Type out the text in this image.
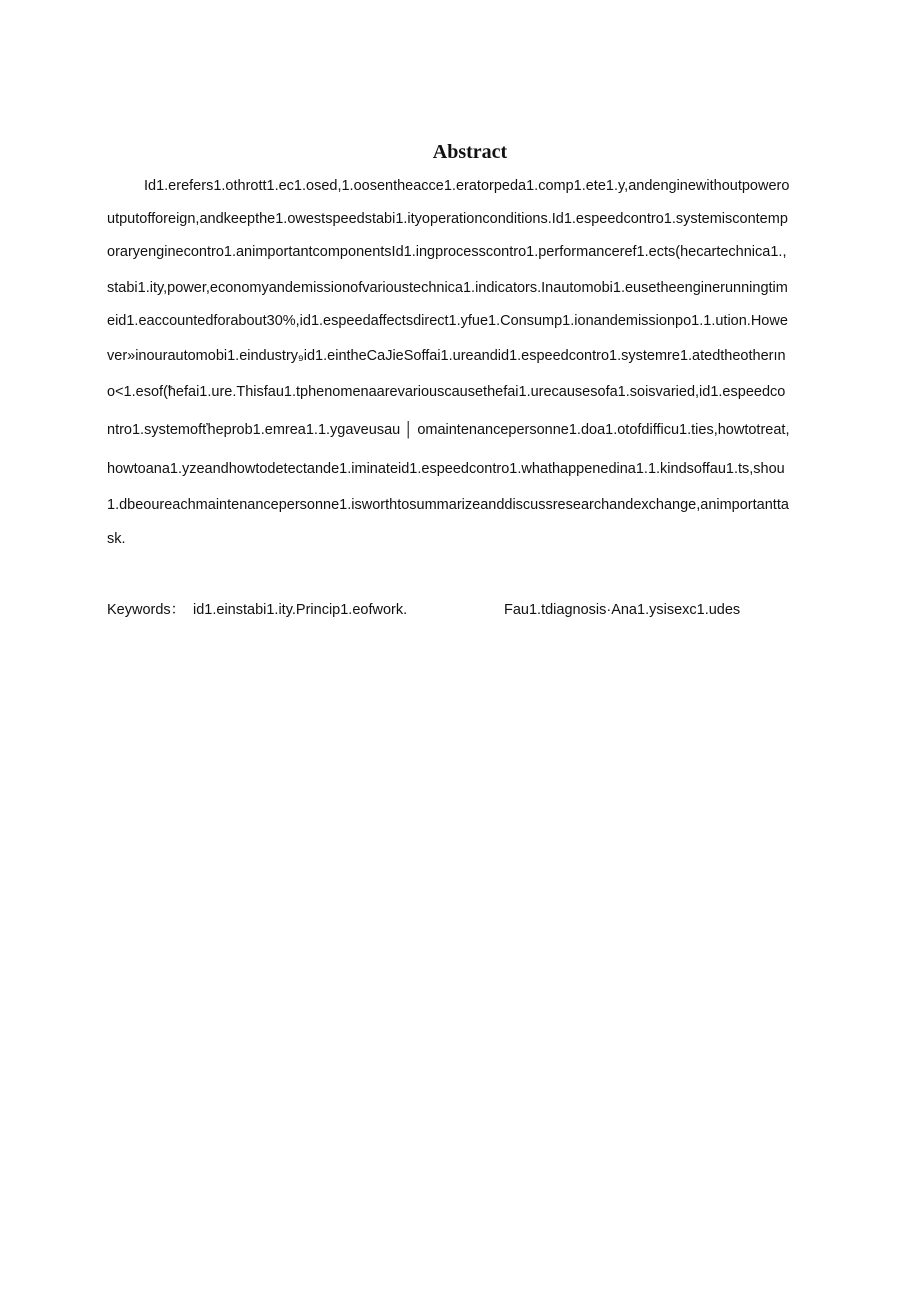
Abstract
Id1.erefers1.othrott1.ec1.osed,1.oosentheacce1.eratorpeda1.comp1.ete1.y,andenginewithoutpowero
utputofforeign,andkeepthe1.owestspeedstabi1.ityoperationconditions.Id1.espeedcontro1.systemiscontemp
oraryenginecontro1.animportantcomponentsId1.ingprocesscontro1.performanceref1.ects(hecartechnica1.,
stabi1.ity,power,economyandemissionofvarioustechnica1.indicators.Inautomobi1.eusetheenginerunningtim
eid1.eaccountedforabout30%,id1.espeedaffectsdirect1.yfue1.Consump1.ionandemissionpo1.1.ution.Howe
ver»inourautomobi1.eindustry₉id1.eintheCaJieSoffai1.ureandid1.espeedcontro1.systemre1.atedtheotherın
o<1.esof(ħefai1.ure.Thisfau1.tphenomenaarevariouscausethefai1.urecausesofa1.soisvaried,id1.espeedco
ntro1.systemofťheprob1.emrea1.1.ygaveusau │ omaintenancepersonne1.doa1.otofdifficu1.ties,howtotreat,
howtoana1.yzeandhowtodetectande1.iminateid1.espeedcontro1.whathappenedina1.1.kindsoffau1.ts,shou
1.dbeoureachmaintenancepersonne1.isworthtosummarizeanddiscussresearchandexchange,animportantta
sk.
Keywords： id1.einstabi1.ity.Princip1.eofwork.	Fau1.tdiagnosis·Ana1.ysisexc1.udes
